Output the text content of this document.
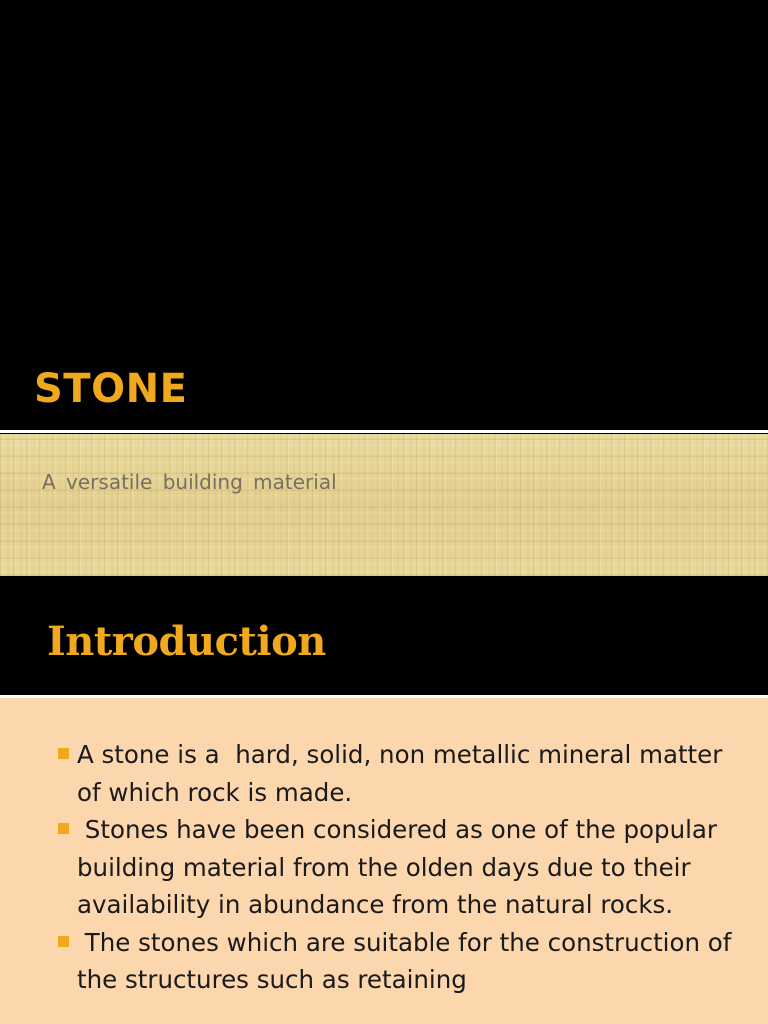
STONE

A versatile building material

Introduction
A stone is a  hard, solid, non metallic mineral matter of which rock is made.
Stones have been considered as one of the popular building material from the olden days due to their availability in abundance from the natural rocks.
The stones which are suitable for the construction of the structures such as retaining
